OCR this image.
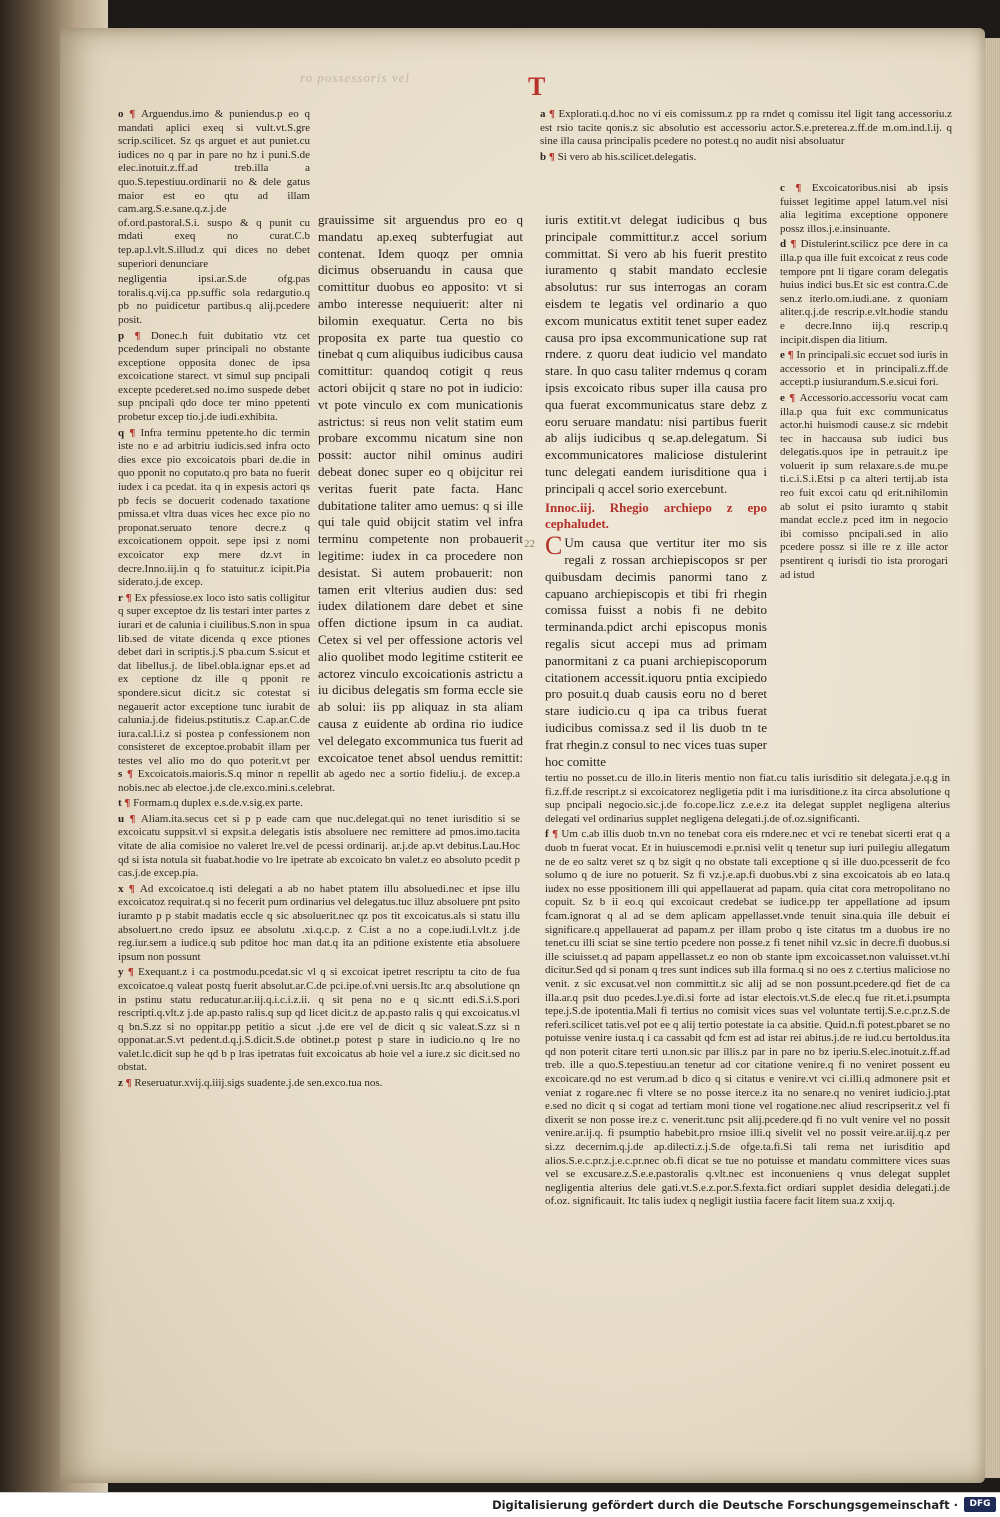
ro possessoris vel	T

o ¶ Arguendus.imo & puniendus.p eo q mandati aplici exeq si vult.vt.S.gre scrip.scilicet. Sz qs arguet et aut puniet.cu iudices no q par in pare no hz i puni.S.de elec.inotuit.z.ff.ad treb.illa a quo.S.tepestiuu.ordinarii no & dele gatus maior est eo qtu ad illam cam.arg.S.e.sane.q.z.j.de of.ord.pastoral.S.i. suspo & q punit cu mdati exeq no curat.C.b tep.ap.l.vlt.S.illud.z qui dices no debet superiori denunciare

negligentia ipsi.ar.S.de ofg.pas toralis.q.vij.ca pp.suffic sola redargutio.q pb no puidicetur partibus.q alij.pcedere posit.

p ¶ Donec.h fuit dubitatio vtz cet pcedendum super principali no obstante exceptione opposita donec de ipsa excoicatione starect. vt simul sup pncipali excepte pcederet.sed no.imo suspede debet sup pncipali qdo doce ter mino ppetenti probetur excep tio.j.de iudi.exhibita.

q ¶ Infra terminu ppetente.ho dic termin iste no e ad arbitriu iudicis.sed infra octo dies exce pio excoicatois pbari de.die in quo pponit no coputato.q pro bata no fuerit iudex i ca pcedat. ita q in expesis actori qs pb fecis se docuerit codenado taxatione pmissa.et vltra duas vices hec exce pio no proponat.seruato tenore decre.z q excoicationem oppoit. sepe ipsi z nomi excoicator exp mere dz.vt in decre.Inno.iij.in q fo statuitur.z icipit.Pia siderato.j.de excep.

r ¶ Ex pfessiose.ex loco isto satis colligitur q super exceptoe dz lis testari inter partes z iurari et de calunia i ciuilibus.S.non in spua lib.sed de vitate dicenda q exce ptiones debet dari in scriptis.j.S pba.cum S.sicut et dat libellus.j. de libel.obla.ignar eps.et ad ex ceptione dz ille q pponit re spondere.sicut dicit.z sic cotestat si negauerit actor exceptione tunc iurabit de calunia.j.de fideius.pstitutis.z C.ap.ar.C.de iura.cal.l.i.z si postea p confessionem non consisteret de exceptoe.probabit illam per testes vel alio mo do quo poterit.vt per

s ¶ Excoicatois.maioris.S.q minor n repellit ab agedo nec a sortio fideliu.j. de excep.a nobis.nec ab electoe.j.de cle.exco.mini.s.celebrat.

t ¶ Formam.q duplex e.s.de.v.sig.ex parte.

u ¶ Aliam.ita.secus cet si p p eade cam que nuc.delegat.qui no tenet iurisditio si se excoicatu suppsit.vl si expsit.a delegatis istis absoluere nec remittere ad pmos.imo.tacita vitate de alia comisioe no valeret lre.vel de pcessi ordinarij. ar.j.de ap.vt debitus.Lau.Hoc qd si ista notula sit fuabat.hodie vo lre ipetrate ab excoicato bn valet.z eo absoluto pcedit p cas.j.de excep.pia.

x ¶ Ad excoicatoe.q isti delegati a ab no habet ptatem illu absoluedi.nec et ipse illu excoicatoz requirat.q si no fecerit pum ordinarius vel delegatus.tuc illuz absoluere pnt psito iuramto p p stabit madatis eccle q sic absoluerit.nec qz pos tit excoicatus.als si statu illu absoluert.no credo ipsuz ee absolutu .xi.q.c.p. z C.ist a no a cope.iudi.l.vlt.z j.de reg.iur.sem a iudice.q sub pditoe hoc man dat.q ita an pditione existente etia absoluere ipsum non possunt

y ¶ Exequant.z i ca postmodu.pcedat.sic vl q si excoicat ipetret rescriptu ta cito de fua excoicatoe.q valeat postq fuerit absolut.ar.C.de pci.ipe.of.vni uersis.Itc ar.q absolutione qn in pstinu statu reducatur.ar.iij.q.i.c.i.z.ii. q sit pena no e q sic.ntt edi.S.i.S.pori rescripti.q.vlt.z j.de ap.pasto ralis.q sup qd licet dicit.z de ap.pasto ralis q qui excoicatus.vl q bn.S.zz si no oppitar.pp petitio a sicut .j.de ere vel de dicit q sic valeat.S.zz si n opponat.ar.S.vt pedent.d.q.j.S.dicit.S.de obtinet.p potest p stare in iudicio.no q lre no valet.lc.dicit sup he qd b p lras ipetratas fuit excoicatus ab hoie vel a iure.z sic dicit.sed no obstat.

z ¶ Reseruatur.xvij.q.iiij.sigs suadente.j.de sen.exco.tua nos.

grauissime sit arguendus pro eo q mandatu ap.exeq subterfugiat aut contenat. Idem quoqz per omnia dicimus obseruandu in causa que comittitur duobus eo apposito: vt si ambo interesse nequiuerit: alter ni bilomin exequatur. Certa no bis proposita ex parte tua questio co tinebat q cum aliquibus iudicibus causa comittitur: quandoq cotigit q reus actori obijcit q stare no pot in iudicio: vt pote vinculo ex com municationis astrictus: si reus non velit statim eum probare excommu nicatum sine non possit: auctor nihil ominus audiri debeat donec super eo q obijcitur rei veritas fuerit pate facta. Hanc dubitatione taliter amo uemus: q si ille qui tale quid obijcit statim vel infra terminu competente non probauerit legitime: iudex in ca procedere non desistat. Si autem probauerit: non tamen erit vlterius audien dus: sed iudex dilationem dare debet et sine offen dictione ipsum in ca audiat. Cetex si vel per offessione actoris vel alio quolibet modo legitime cstiterit ee actorez vinculo excoicationis astrictu a iu dicibus delegatis sm forma eccle sie ab solui: iis pp aliquaz in sta aliam causa z euidente ab ordina rio iudice vel delegato excommunica tus fuerit ad excoicatoe tenet absol uendus remittit:

a ¶ Explorati.q.d.hoc no vi eis comissum.z pp ra rndet q comissu itel ligit tang accessoriu.z est rsio tacite qonis.z sic absolutio est accessoriu actor.S.e.preterea.z.ff.de m.om.ind.l.ij. q sine illa causa principalis pcedere no potest.q no audit nisi absoluatur

b ¶ Si vero ab his.scilicet.delegatis.

iuris extitit.vt delegat iudicibus q bus principale committitur.z accel sorium committat. Si vero ab his fuerit prestito iuramento q stabit mandato ecclesie absolutus: rur sus interrogas an coram eisdem te legatis vel ordinario a quo excom municatus extitit tenet super eadez causa pro ipsa excommunicatione sup rat rndere. z quoru deat iudicio vel mandato stare. In quo casu taliter rndemus q coram ipsis excoicato ribus super illa causa pro qua fuerat excommunicatus stare debz z eoru seruare mandatu: nisi partibus fuerit ab alijs iudicibus q se.ap.delegatum. Si excommunicatores maliciose distulerint tunc delegati eandem iurisditione qua i principali q accel sorio exercebunt.

Innoc.iij. Rhegio archiepo z epo cephaludet.

C Um causa que vertitur iter mo sis regali z rossan archiepiscopos sr per quibusdam decimis panormi tano z capuano archiepiscopis et tibi fri rhegin comissa fuisst a nobis fi ne debito terminanda.pdict archi episcopus monis regalis sicut accepi mus ad primam panormitani z ca puani archiepiscoporum citationem accessit.iquoru pntia excipiedo pro posuit.q duab causis eoru no d beret stare iudicio.cu q ipa ca tribus fuerat iudicibus comissa.z sed il lis duob tn te frat rhegin.z consul to nec vices tuas super hoc comitte

22

c ¶ Excoicatoribus.nisi ab ipsis fuisset legitime appel latum.vel nisi alia legitima exceptione opponere possz illos.j.e.insinuante.

d ¶ Distulerint.scilicz pce dere in ca illa.p qua ille fuit excoicat z reus code tempore pnt li tigare coram delegatis huius indici bus.Et sic est contra.C.de sen.z iterlo.om.iudi.ane. z quoniam aliter.q.j.de rescrip.e.vlt.hodie standu e decre.Inno iij.q rescrip.q incipit.dispen dia litium.

e ¶ In principali.sic eccuet sod iuris in accessorio et in principali.z.ff.de accepti.p iusiurandum.S.e.sicui fori.

e ¶ Accessorio.accessoriu vocat cam illa.p qua fuit exc communicatus actor.hi huismodi cause.z sic rndebit tec in haccausa sub iudici bus delegatis.quos ipe in petrauit.z ipe voluerit ip sum relaxare.s.de mu.pe ti.c.i.S.i.Etsi p ca alteri tertij.ab ista reo fuit excoi catu qd erit.nihilomin ab solut ei psito iuramto q stabit mandat eccle.z pced itm in negocio ibi comisso pncipali.sed in alio pcedere possz si ille re z ille actor psentirent q iurisdi tio ista prorogari ad istud

tertiu no posset.cu de illo.in literis mentio non fiat.cu talis iurisditio sit delegata.j.e.q.g in fi.z.ff.de rescript.z si excoicatorez negligetia pdit i ma iurisditione.z ita circa absolutione q sup pncipali negocio.sic.j.de fo.cope.licz z.e.e.z ita delegat supplet negligena alterius delegati vel ordinarius supplet negligena delegati.j.de of.oz.significanti.

f ¶ Um c.ab illis duob tn.vn no tenebat cora eis rndere.nec et vci re tenebat sicerti erat q a duob tn fuerat vocat. Et in huiuscemodi e.pr.nisi velit q tenetur sup iuri puilegiu allegatum ne de eo saltz veret sz q bz sigit q no obstate tali exceptione q si ille duo.pcesserit de fco solumo q de iure no potuerit. Sz fi vz.j.e.ap.fi duobus.vbi z sina excoicatois ab eo lata.q iudex no esse ppositionem illi qui appellauerat ad papam. quia citat cora metropolitano no copuit. Sz b ii eo.q qui excoicaut credebat se iudice.pp ter appellatione ad ipsum fcam.ignorat q al ad se dem aplicam appellasset.vnde tenuit sina.quia ille debuit ei significare.q appellauerat ad papam.z per illam probo q iste citatus tm a duobus ire no tenet.cu illi sciat se sine tertio pcedere non posse.z fi tenet nihil vz.sic in decre.fi duobus.si ille sciuisset.q ad papam appellasset.z eo non ob stante ipm excoicasset.non valuisset.vt.hi dicitur.Sed qd si ponam q tres sunt indices sub illa forma.q si no oes z c.tertius maliciose no venit. z sic excusat.vel non committit.z sic alij ad se non possunt.pcedere.qd fiet de ca illa.ar.q psit duo pcedes.l.ye.di.si forte ad istar electois.vt.S.de elec.q fue rit.et.i.psumpta tepe.j.S.de ipotentia.Mali fi tertius no comisit vices suas vel voluntate tertij.S.e.c.pr.z.S.de referi.scilicet tatis.vel pot ee q alij tertio potestate ia ca absitie. Quid.n.fi potest.pbaret se no potuisse venire iusta.q i ca cassabit qd fcm est ad istar rei abitus.j.de re iud.cu bertoldus.ita qd non poterit citare terti u.non.sic par illis.z par in pare no bz iperiu.S.elec.inotuit.z.ff.ad treb. ille a quo.S.tepestiuu.an tenetur ad cor citatione venire.q fi no veniret possent eu excoicare.qd no est verum.ad b dico q si citatus e venire.vt vci ci.illi.q admonere psit et veniat z rogare.nec fi vltere se no posse iterce.z ita no senare.q no veniret iudicio.j.ptat e.sed no dicit q si cogat ad tertiam moni tione vel rogatione.nec aliud rescripserit.z vel fi dixerit se non posse ire.z c. venerit.tunc psit alij.pcedere.qd fi no vult venire vel no possit venire.ar.ij.q. fi psumptio habebit.pro rnsioe illi.q sivelit vel no possit veire.ar.iij.q.z per si.zz decernim.q.j.de ap.dilecti.z.j.S.de ofge.ta.fi.Si tali rema net iurisditio apd alios.S.e.c.pr.z.j.e.c.pr.nec ob.fi dicat se tue no potuisse et mandatu committere vices suas vel se excusare.z.S.e.e.pastoralis q.vlt.nec est inconueniens q vnus delegat supplet negligentia alterius dele gati.vt.S.e.z.por.S.fexta.fict ordiari supplet desidia delegati.j.de of.oz. significauit. Itc talis iudex q negligit iustiia facere facit litem sua.z xxij.q.

Digitalisierung gefördert durch die Deutsche Forschungsgemeinschaft ·	DFG
